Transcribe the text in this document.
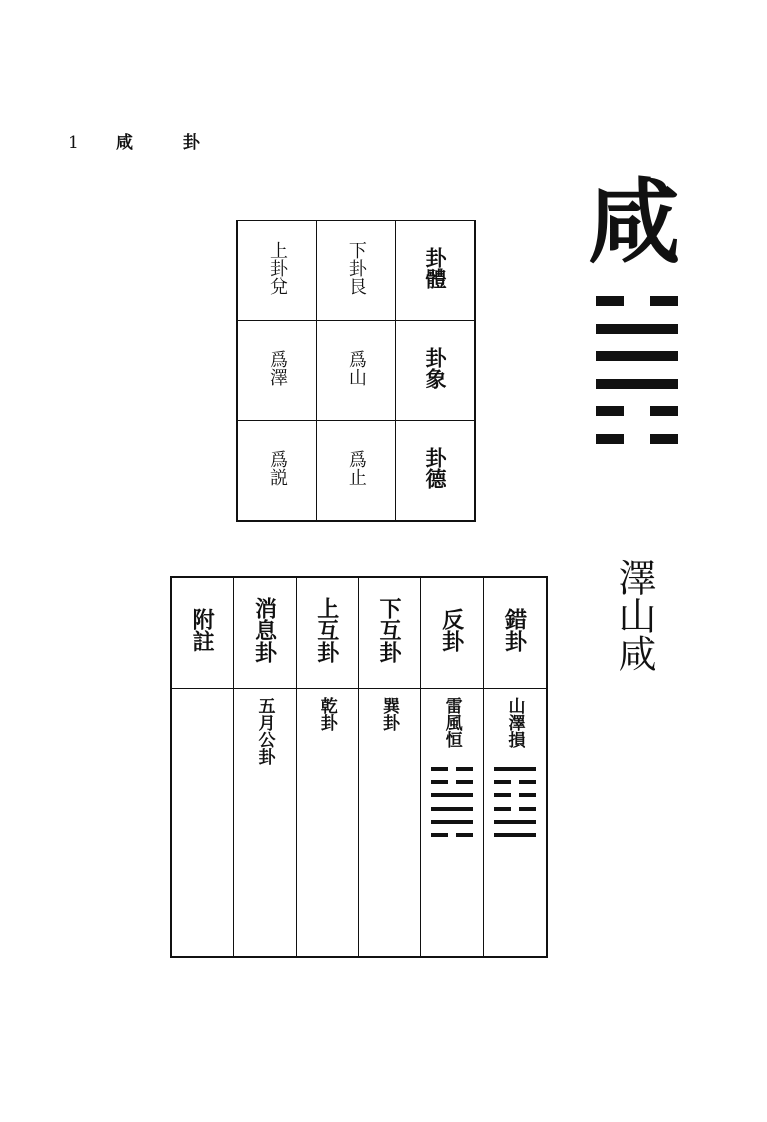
1 咸 卦
咸
澤山咸
上卦兌	下卦艮	卦體
爲澤	爲山	卦象
爲説	爲止	卦德
附註	消息卦	上互卦	下互卦	反卦	錯卦
	五月公卦	乾卦	巽卦	雷風恒	山澤損
